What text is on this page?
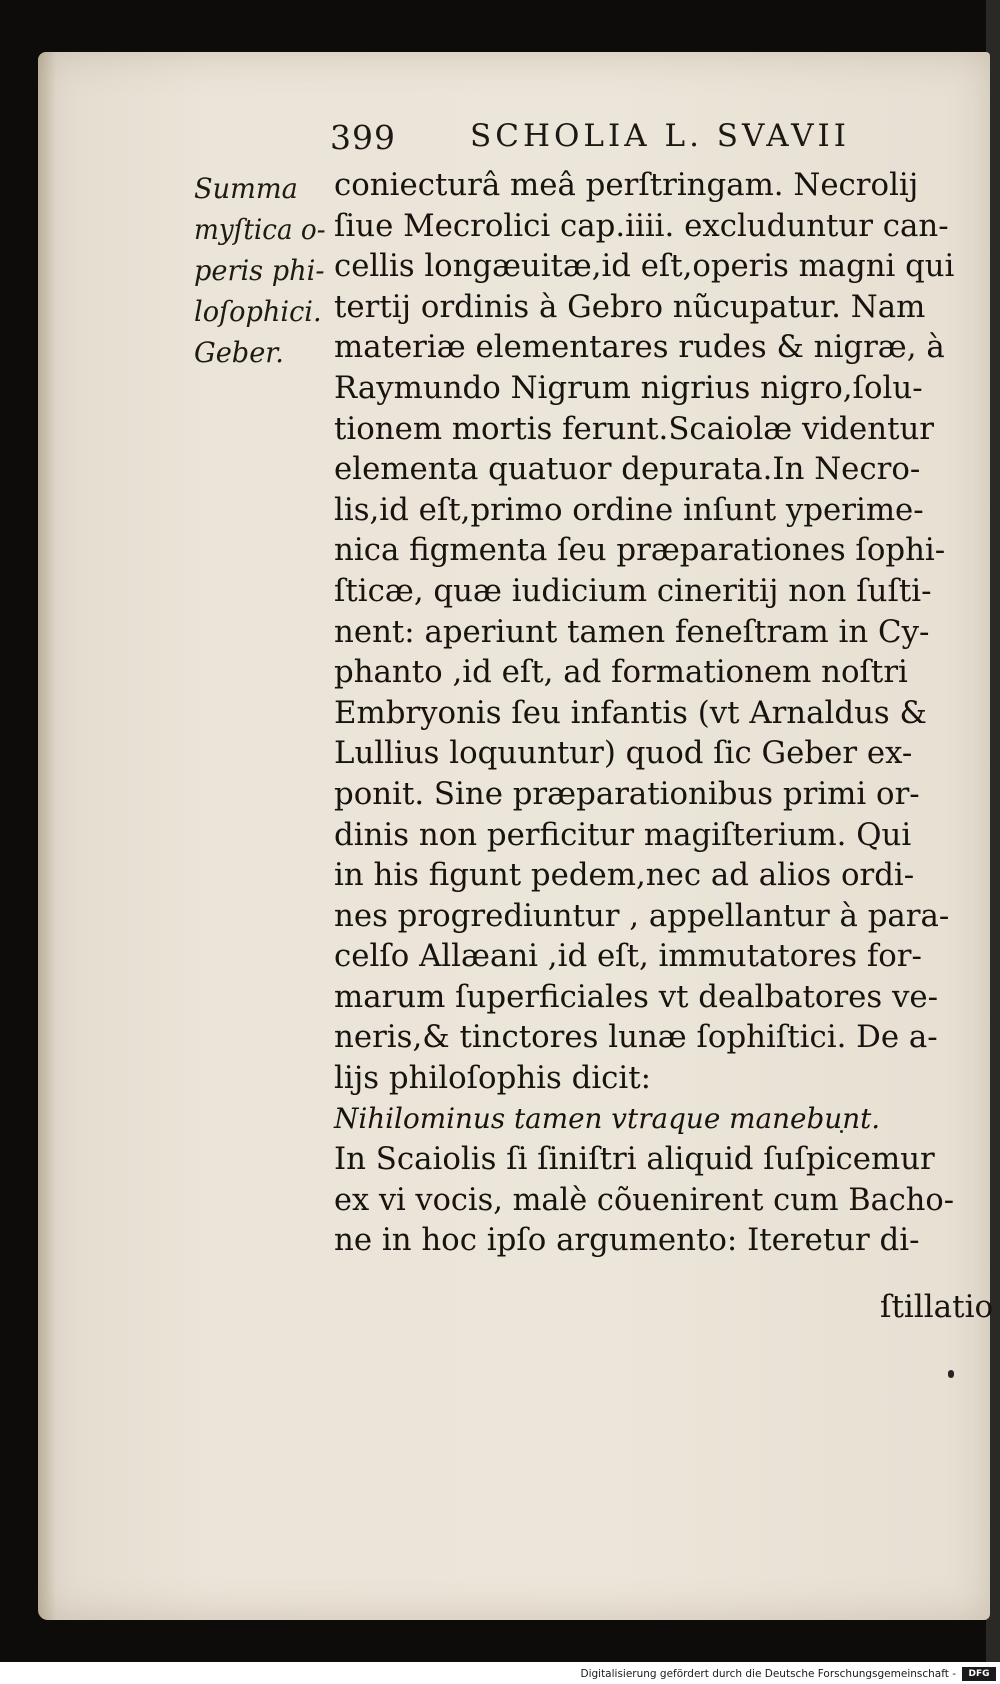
399 SCHOLIA L. SVAVII
Summa
myſtica o-
peris phi-
loſophici.
Geber.
coniecturâ meâ perſtringam. Necrolij
ſiue Mecrolici cap.iiii. excluduntur can-
cellis longæuitæ,id eſt,operis magni qui
tertij ordinis à Gebro nũcupatur. Nam
materiæ elementares rudes & nigræ, à
Raymundo Nigrum nigrius nigro,ſolu-
tionem mortis ferunt.Scaiolæ videntur
elementa quatuor depurata.In Necro-
lis,id eſt,primo ordine inſunt yperime-
nica figmenta ſeu præparationes ſophi-
ſticæ, quæ iudicium cineritij non ſuſti-
nent: aperiunt tamen feneſtram in Cy-
phanto ,id eſt, ad formationem noſtri
Embryonis ſeu infantis (vt Arnaldus &
Lullius loquuntur) quod ſic Geber ex-
ponit. Sine præparationibus primi or-
dinis non perficitur magiſterium. Qui
in his figunt pedem,nec ad alios ordi-
nes progrediuntur , appellantur à para-
celſo Allæani ,id eſt, immutatores for-
marum ſuperficiales vt dealbatores ve-
neris,& tinctores lunæ ſophiſtici. De a-
lijs philoſophis dicit:
Nihilominus tamen vtraque manebunt.
In Scaiolis ſi ſiniſtri aliquid ſuſpicemur
ex vi vocis, malè cõuenirent cum Bacho-
ne in hoc ipſo argumento: Iteretur di-
ſtillatio
Digitalisierung gefördert durch die Deutsche Forschungsgemeinschaft -	DFG
